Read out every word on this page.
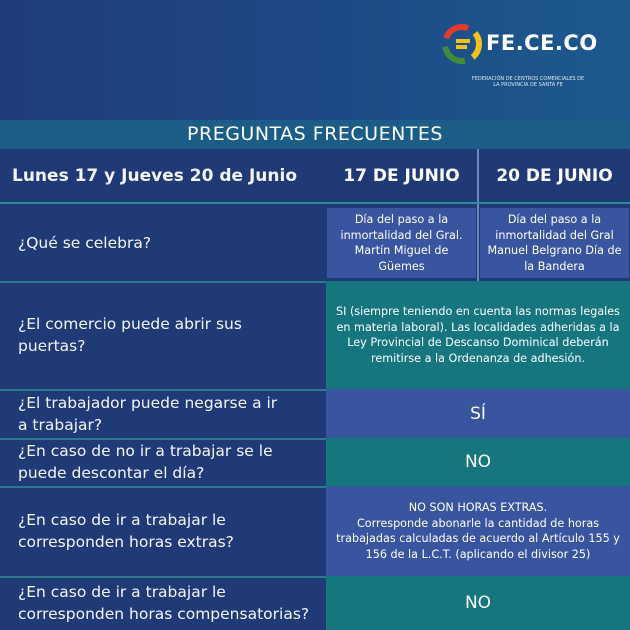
FE.CE.CO
FEDERACIÓN DE CENTROS COMERCIALES DE LA PROVINCIA DE SANTA FE
PREGUNTAS FRECUENTES
Lunes 17 y Jueves 20 de Junio	17 DE JUNIO	20 DE JUNIO
¿Qué se celebra?
Día del paso a la inmortalidad del Gral. Martín Miguel de Güemes
Día del paso a la inmortalidad del Gral Manuel Belgrano Día de la Bandera
¿El comercio puede abrir sus puertas?
SI (siempre teniendo en cuenta las normas legales en materia laboral). Las localidades adheridas a la Ley Provincial de Descanso Dominical deberán remitirse a la Ordenanza de adhesión.
¿El trabajador puede negarse a ir a trabajar?
SÍ
¿En caso de no ir a trabajar se le puede descontar el día?
NO
¿En caso de ir a trabajar le corresponden horas extras?
NO SON HORAS EXTRAS.
Corresponde abonarle la cantidad de horas trabajadas calculadas de acuerdo al Artículo 155 y 156 de la L.C.T. (aplicando el divisor 25)
¿En caso de ir a trabajar le corresponden horas compensatorias?
NO
